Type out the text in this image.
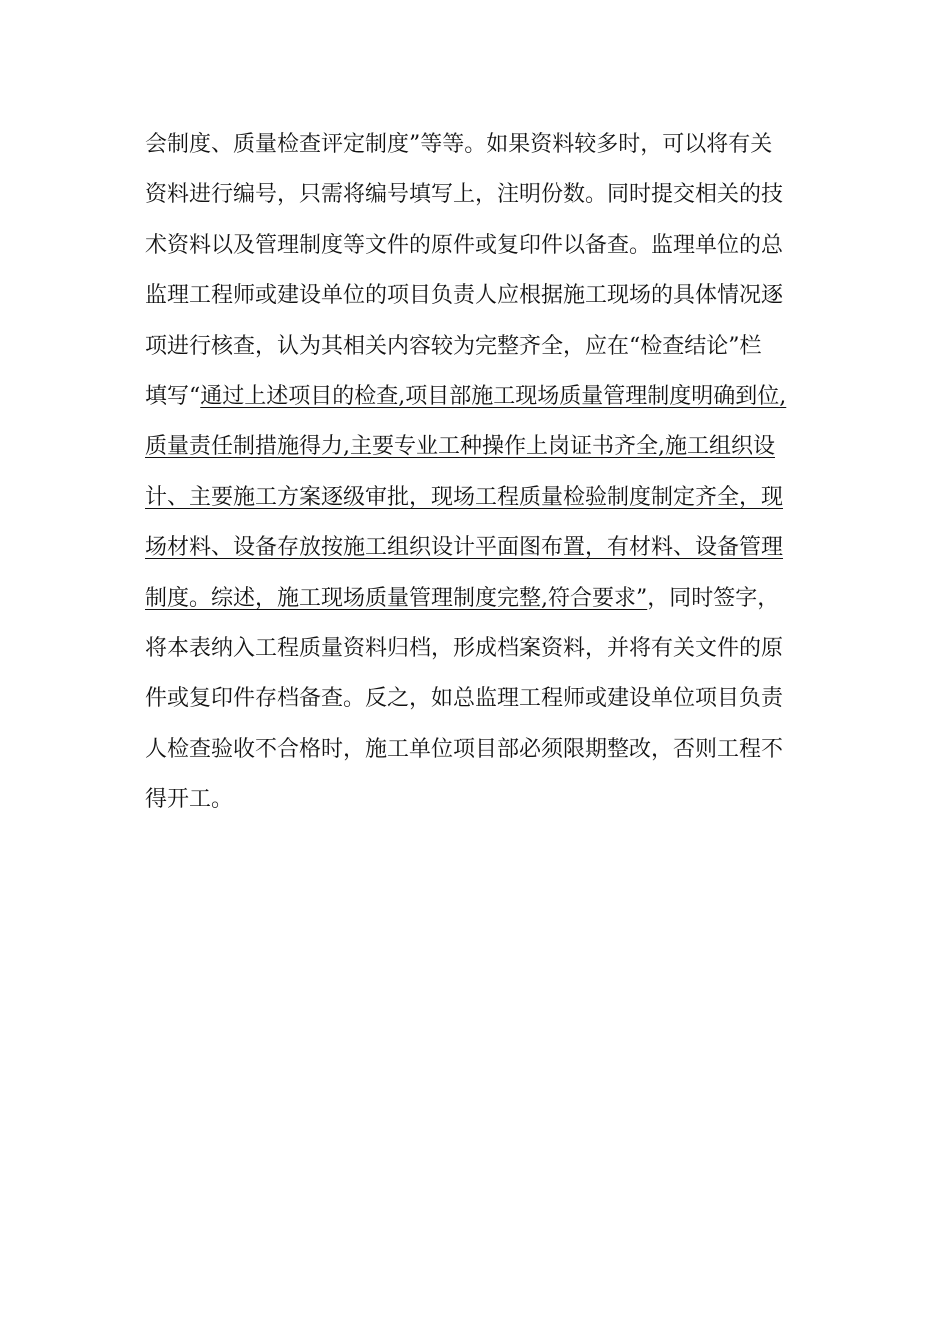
会制度、质量检查评定制度”等等。如果资料较多时，可以将有关
资料进行编号，只需将编号填写上，注明份数。同时提交相关的技
术资料以及管理制度等文件的原件或复印件以备查。监理单位的总
监理工程师或建设单位的项目负责人应根据施工现场的具体情况逐
项进行核查，认为其相关内容较为完整齐全，应在“检查结论”栏
填写“通过上述项目的检查,项目部施工现场质量管理制度明确到位,
质量责任制措施得力,主要专业工种操作上岗证书齐全,施工组织设
计、主要施工方案逐级审批，现场工程质量检验制度制定齐全，现
场材料、设备存放按施工组织设计平面图布置，有材料、设备管理
制度。综述，施工现场质量管理制度完整,符合要求”，同时签字，
将本表纳入工程质量资料归档，形成档案资料，并将有关文件的原
件或复印件存档备查。反之，如总监理工程师或建设单位项目负责
人检查验收不合格时，施工单位项目部必须限期整改，否则工程不
得开工。
